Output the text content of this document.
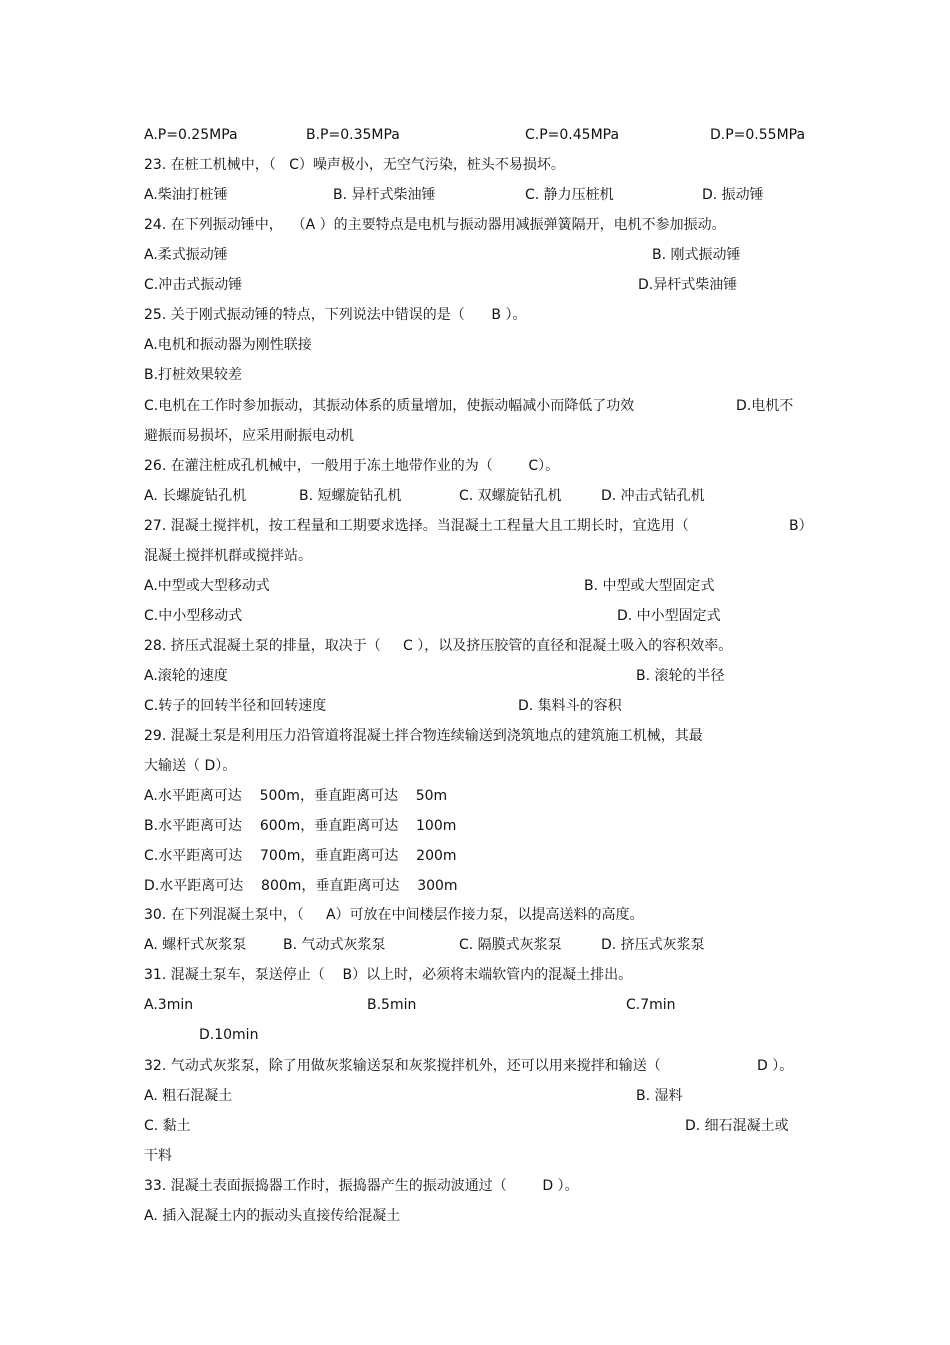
A.P=0.25MPa	B.P=0.35MPa	C.P=0.45MPa	D.P=0.55MPa
23. 在桩工机械中，（   C）噪声极小，无空气污染，桩头不易损坏。
A.柴油打桩锤	B. 异杆式柴油锤	C. 静力压桩机	D. 振动锤
24. 在下列振动锤中，  （A ）的主要特点是电机与振动器用减振弹簧隔开，电机不参加振动。
A.柔式振动锤	B. 刚式振动锤
C.冲击式振动锤	D.异杆式柴油锤
25. 关于刚式振动锤的特点，下列说法中错误的是（      B ）。
A.电机和振动器为刚性联接
B.打桩效果较差
C.电机在工作时参加振动，其振动体系的质量增加，使振动幅减小而降低了功效	D.电机不
避振而易损坏，应采用耐振电动机
26. 在灌注桩成孔机械中，一般用于冻土地带作业的为（        C）。
A. 长螺旋钻孔机	B. 短螺旋钻孔机	C. 双螺旋钻孔机	D. 冲击式钻孔机
27. 混凝土搅拌机，按工程量和工期要求选择。当混凝土工程量大且工期长时，宜选用（	B）
混凝土搅拌机群或搅拌站。
A.中型或大型移动式	B. 中型或大型固定式
C.中小型移动式	D. 中小型固定式
28. 挤压式混凝土泵的排量，取决于（     C ），以及挤压胶管的直径和混凝土吸入的容积效率。
A.滚轮的速度	B. 滚轮的半径
C.转子的回转半径和回转速度	D. 集料斗的容积
29. 混凝土泵是利用压力沿管道将混凝土拌合物连续输送到浇筑地点的建筑施工机械，其最
大输送（ D）。
A.水平距离可达    500m，垂直距离可达    50m
B.水平距离可达    600m，垂直距离可达    100m
C.水平距离可达    700m，垂直距离可达    200m
D.水平距离可达    800m，垂直距离可达    300m
30. 在下列混凝土泵中，（     A）可放在中间楼层作接力泵，以提高送料的高度。
A. 螺杆式灰浆泵	B. 气动式灰浆泵	C. 隔膜式灰浆泵	D. 挤压式灰浆泵
31. 混凝土泵车，泵送停止（    B）以上时，必须将末端软管内的混凝土排出。
A.3min	B.5min	C.7min
D.10min
32. 气动式灰浆泵，除了用做灰浆输送泵和灰浆搅拌机外，还可以用来搅拌和输送（	D ）。
A. 粗石混凝土	B. 湿料
C. 黏土	D. 细石混凝土或
干料
33. 混凝土表面振捣器工作时，振捣器产生的振动波通过（        D ）。
A. 插入混凝土内的振动头直接传给混凝土
